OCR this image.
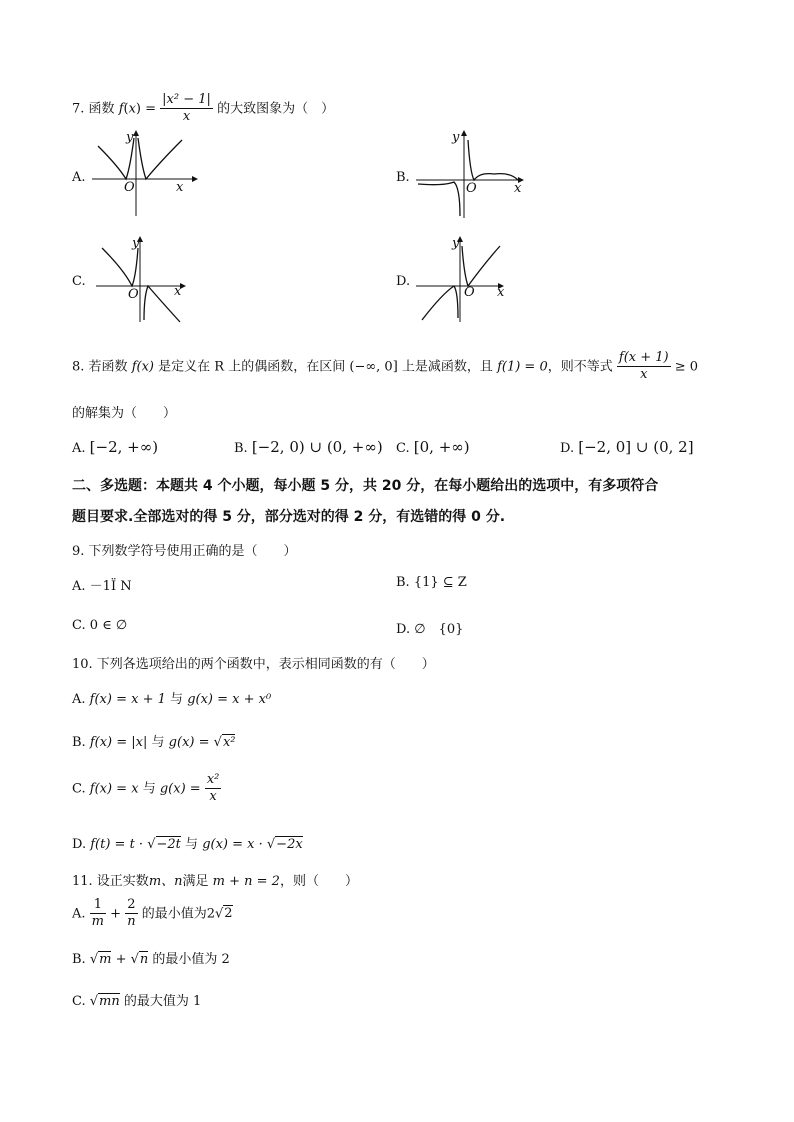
7. 函数 $f(x) = \frac{\text{|x² − 1|}}{x}$ 的大致图象为（　）
A.
y
O	x
B.
y
O	x
C.
y
O	x
D.
y
O x
8. 若函数 f(x) 是定义在 R 上的偶函数，在区间 (−∞, 0] 上是减函数，且 f(1) = 0，则不等式 $\frac{f(x + 1)}{x} \ge 0$
的解集为（　　）
A. [−2, +∞)	B. [−2, 0) ∪ (0, +∞) C. [0, +∞)	D. [−2, 0] ∪ (0, 2]
二、多选题：本题共 4 个小题，每小题 5 分，共 20 分，在每小题给出的选项中，有多项符合
题目要求.全部选对的得 5 分，部分选对的得 2 分，有选错的得 0 分.
9. 下列数学符号使用正确的是（　　）
A. －1Ï N	B. {1} ⊆ Z
C. 0 ∈ ∅	D. ∅　{0}
10. 下列各选项给出的两个函数中，表示相同函数的有（　　）
A. f(x) = x + 1 与 g(x) = x + x⁰
B. f(x) = |x| 与 g(x) = √x²
C. f(x) = x 与 $g(x) = \frac{\text{x²}}{x}$
D. f(t) = t · √−2t 与 g(x) = x · √−2x
11. 设正实数m、n满足 m + n = 2，则（　　）
A. $\frac{1}{m} + \frac{2}{n}$ 的最小值为2√2
B. √m + √n 的最小值为 2
C. √mn 的最大值为 1
